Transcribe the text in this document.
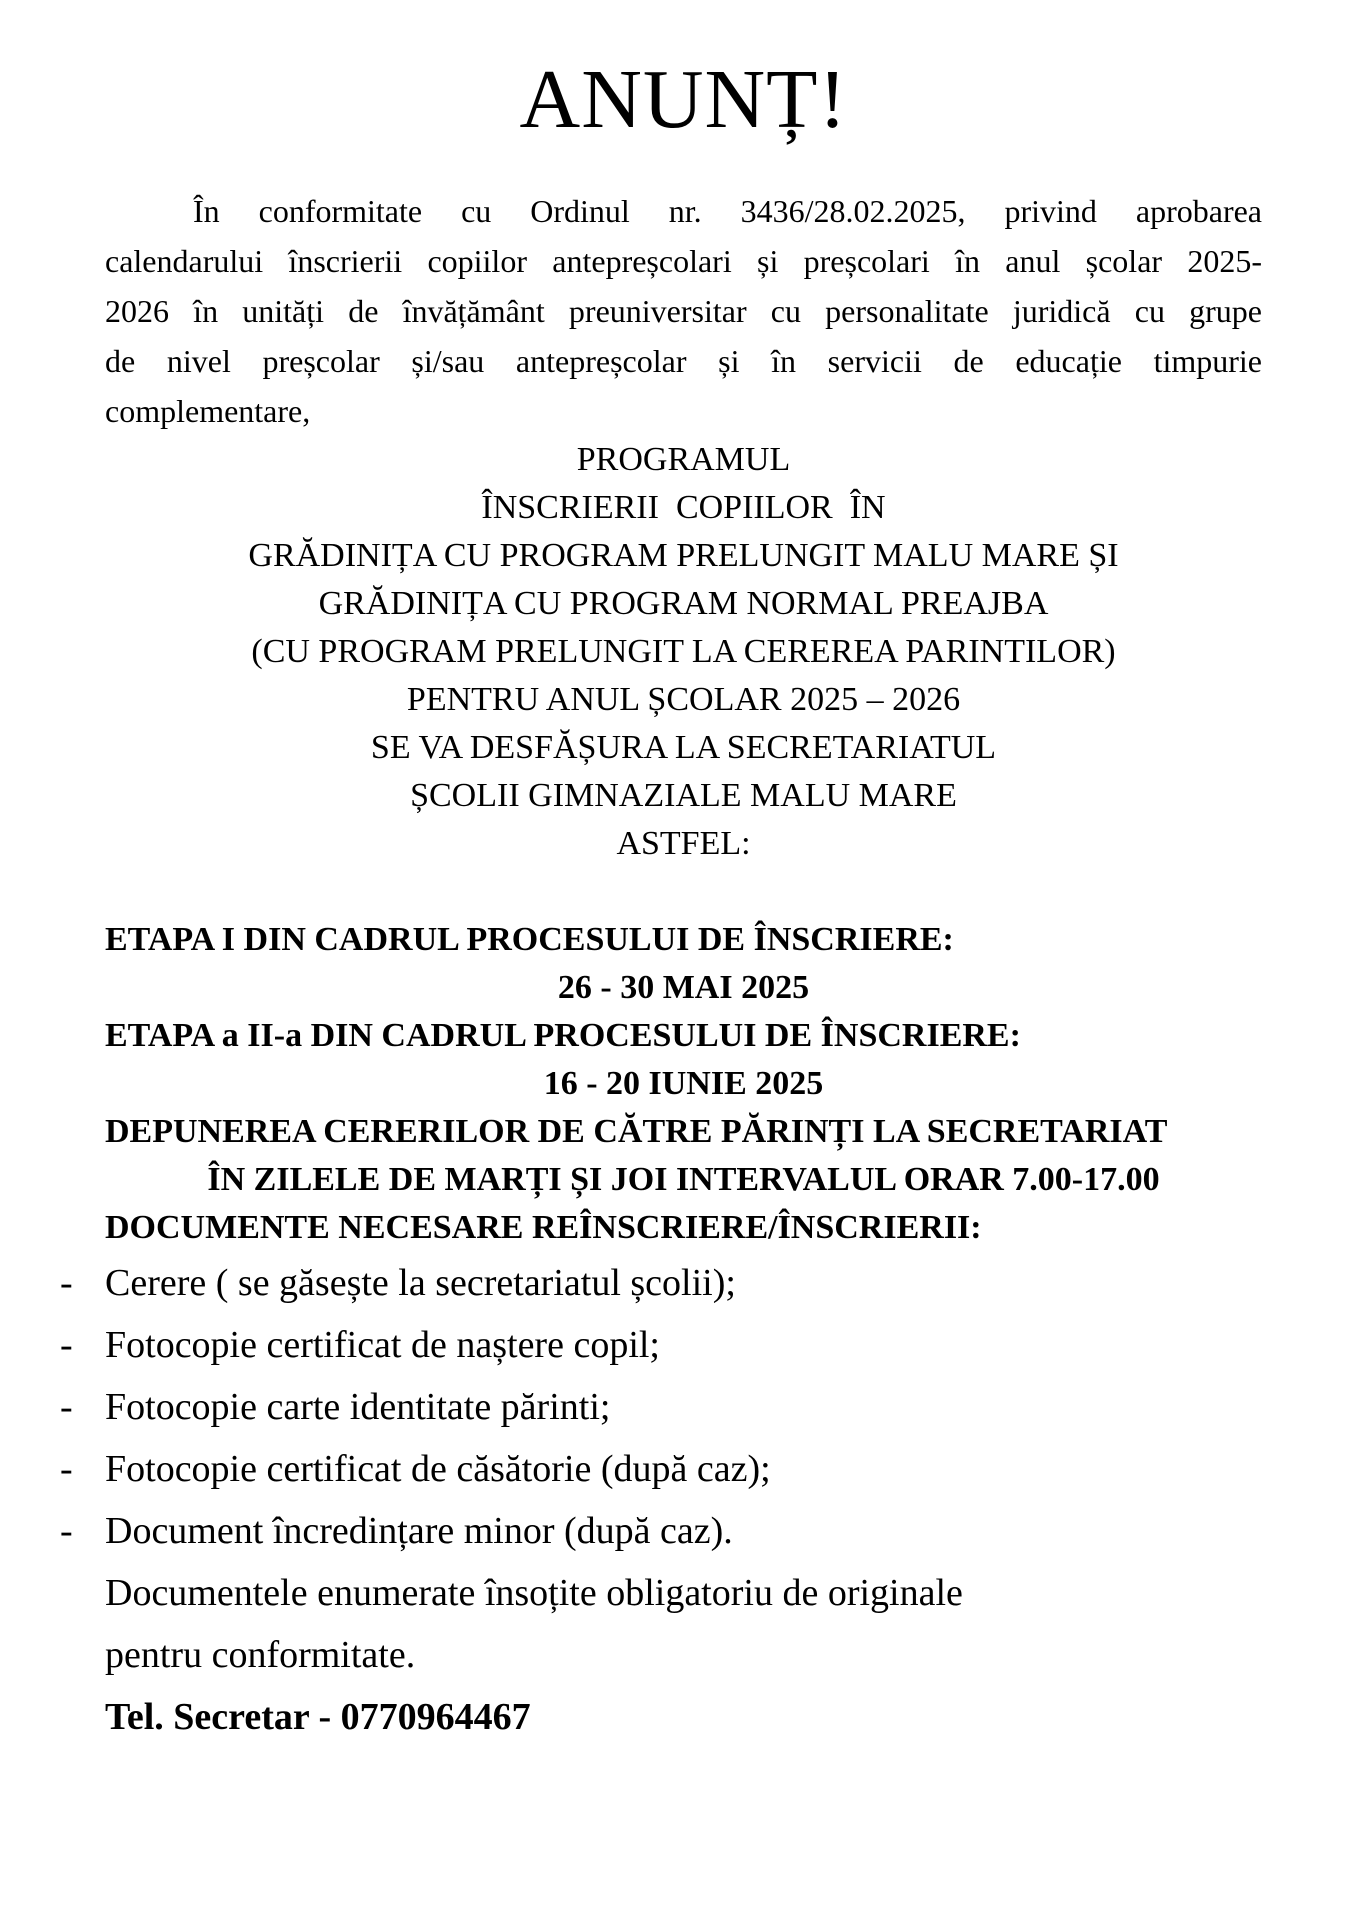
ANUNȚ!
În conformitate cu Ordinul nr. 3436/28.02.2025, privind aprobarea
calendarului înscrierii copiilor antepreșcolari și preșcolari în anul școlar 2025-
2026 în unități de învățământ preuniversitar cu personalitate juridică cu grupe
de nivel preșcolar și/sau antepreșcolar și în servicii de educație timpurie
complementare,
PROGRAMUL
ÎNSCRIERII  COPIILOR  ÎN
GRĂDINIȚA CU PROGRAM PRELUNGIT MALU MARE ȘI
GRĂDINIȚA CU PROGRAM NORMAL PREAJBA
(CU PROGRAM PRELUNGIT LA CEREREA PARINTILOR)
PENTRU ANUL ȘCOLAR 2025 – 2026
SE VA DESFĂȘURA LA SECRETARIATUL
ȘCOLII GIMNAZIALE MALU MARE
ASTFEL:
ETAPA I DIN CADRUL PROCESULUI DE ÎNSCRIERE:
26 - 30 MAI 2025
ETAPA a II-a DIN CADRUL PROCESULUI DE ÎNSCRIERE:
16 - 20 IUNIE 2025
DEPUNEREA CERERILOR DE CĂTRE PĂRINȚI LA SECRETARIAT
ÎN ZILELE DE MARȚI ȘI JOI INTERVALUL ORAR 7.00-17.00
DOCUMENTE NECESARE REÎNSCRIERE/ÎNSCRIERII:
- Cerere ( se găsește la secretariatul școlii);
- Fotocopie certificat de naștere copil;
- Fotocopie carte identitate părinti;
- Fotocopie certificat de căsătorie (după caz);
- Document încredințare minor (după caz).
Documentele enumerate însoțite obligatoriu de originale
pentru conformitate.
Tel. Secretar - 0770964467
